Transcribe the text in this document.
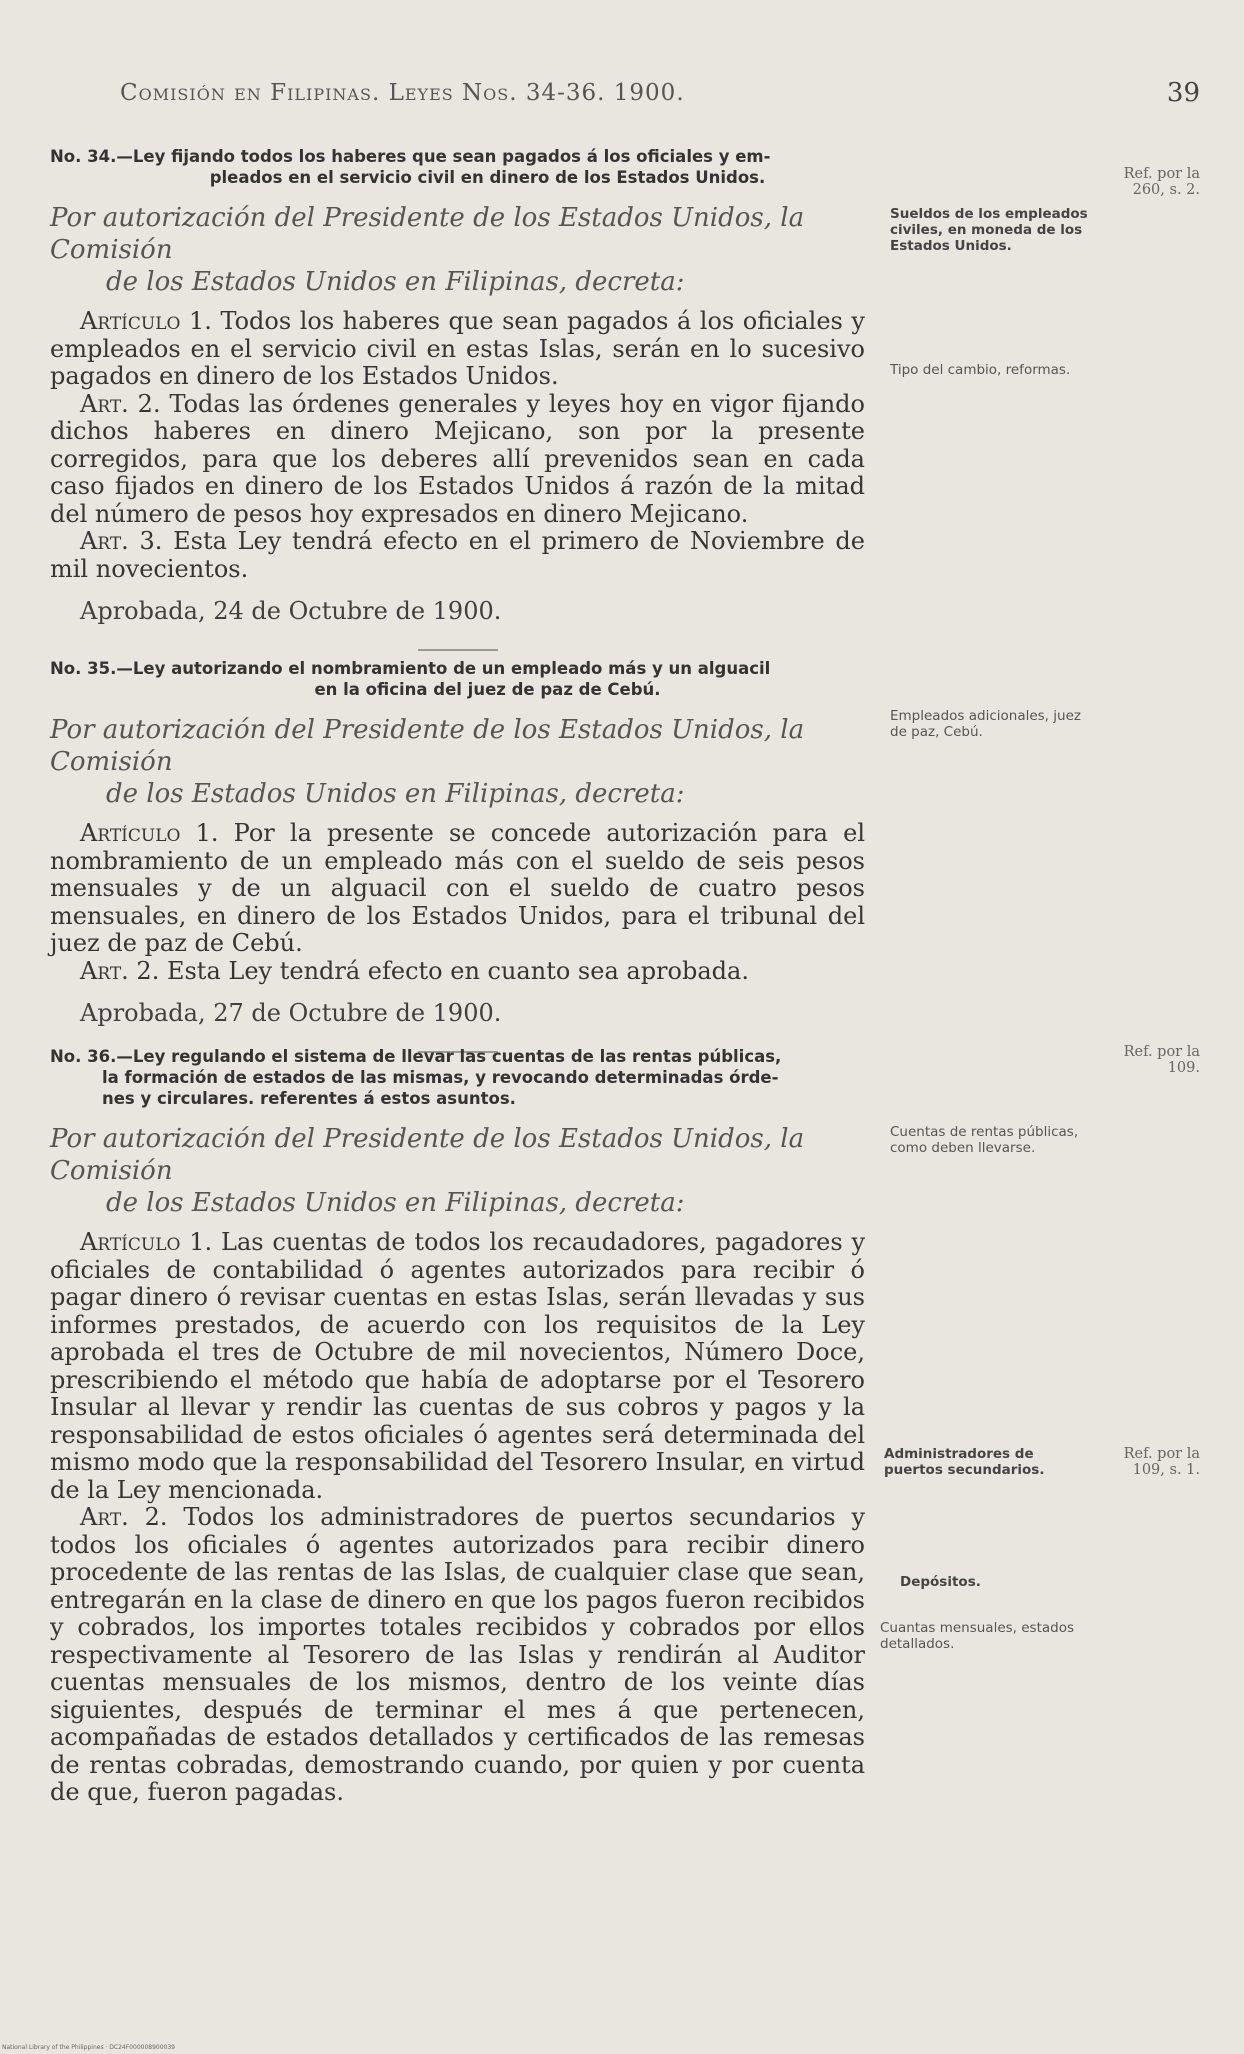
Comisión en Filipinas. Leyes Nos. 34-36. 1900.	39

No. 34.—Ley fijando todos los haberes que sean pagados á los oficiales y em-
pleados en el servicio civil en dinero de los Estados Unidos.

Por autorización del Presidente de los Estados Unidos, la Comisión
de los Estados Unidos en Filipinas, decreta:

Artículo 1. Todos los haberes que sean pagados á los oficiales y empleados en el servicio civil en estas Islas, serán en lo sucesivo pagados en dinero de los Estados Unidos.

Art. 2. Todas las órdenes generales y leyes hoy en vigor fijando dichos haberes en dinero Mejicano, son por la presente corregidos, para que los deberes allí prevenidos sean en cada caso fijados en dinero de los Estados Unidos á razón de la mitad del número de pesos hoy expresados en dinero Mejicano.

Art. 3. Esta Ley tendrá efecto en el primero de Noviembre de mil novecientos.

Aprobada, 24 de Octubre de 1900.

No. 35.—Ley autorizando el nombramiento de un empleado más y un alguacil
en la oficina del juez de paz de Cebú.

Por autorización del Presidente de los Estados Unidos, la Comisión
de los Estados Unidos en Filipinas, decreta:

Artículo 1. Por la presente se concede autorización para el nombramiento de un empleado más con el sueldo de seis pesos mensuales y de un alguacil con el sueldo de cuatro pesos mensuales, en dinero de los Estados Unidos, para el tribunal del juez de paz de Cebú.

Art. 2. Esta Ley tendrá efecto en cuanto sea aprobada.

Aprobada, 27 de Octubre de 1900.

No. 36.—Ley regulando el sistema de llevar las cuentas de las rentas públicas,
la formación de estados de las mismas, y revocando determinadas órde-
nes y circulares. referentes á estos asuntos.

Por autorización del Presidente de los Estados Unidos, la Comisión
de los Estados Unidos en Filipinas, decreta:

Artículo 1. Las cuentas de todos los recaudadores, pagadores y oficiales de contabilidad ó agentes autorizados para recibir ó pagar dinero ó revisar cuentas en estas Islas, serán llevadas y sus informes prestados, de acuerdo con los requisitos de la Ley aprobada el tres de Octubre de mil novecientos, Número Doce, prescribiendo el método que había de adoptarse por el Tesorero Insular al llevar y rendir las cuentas de sus cobros y pagos y la responsabilidad de estos oficiales ó agentes será determinada del mismo modo que la responsabilidad del Tesorero Insular, en virtud de la Ley mencionada.

Art. 2. Todos los administradores de puertos secundarios y todos los oficiales ó agentes autorizados para recibir dinero procedente de las rentas de las Islas, de cualquier clase que sean, entregarán en la clase de dinero en que los pagos fueron recibidos y cobrados, los importes totales recibidos y cobrados por ellos respectivamente al Tesorero de las Islas y rendirán al Auditor cuentas mensuales de los mismos, dentro de los veinte días siguientes, después de terminar el mes á que pertenecen, acompañadas de estados detallados y certificados de las remesas de rentas cobradas, demostrando cuando, por quien y por cuenta de que, fueron pagadas.

Sueldos de los empleados civiles, en moneda de los Estados Unidos.
Tipo del cambio, reformas.
Empleados adicionales, juez de paz, Cebú.
Cuentas de rentas públicas, como deben llevarse.
Administradores de puertos secundarios.
Depósitos.
Cuantas mensuales, estados detallados.
Ref. por la 260, s. 2.
Ref. por la 109.
Ref. por la 109, s. 1.
National Library of the Philippines · DC24F000008900039
